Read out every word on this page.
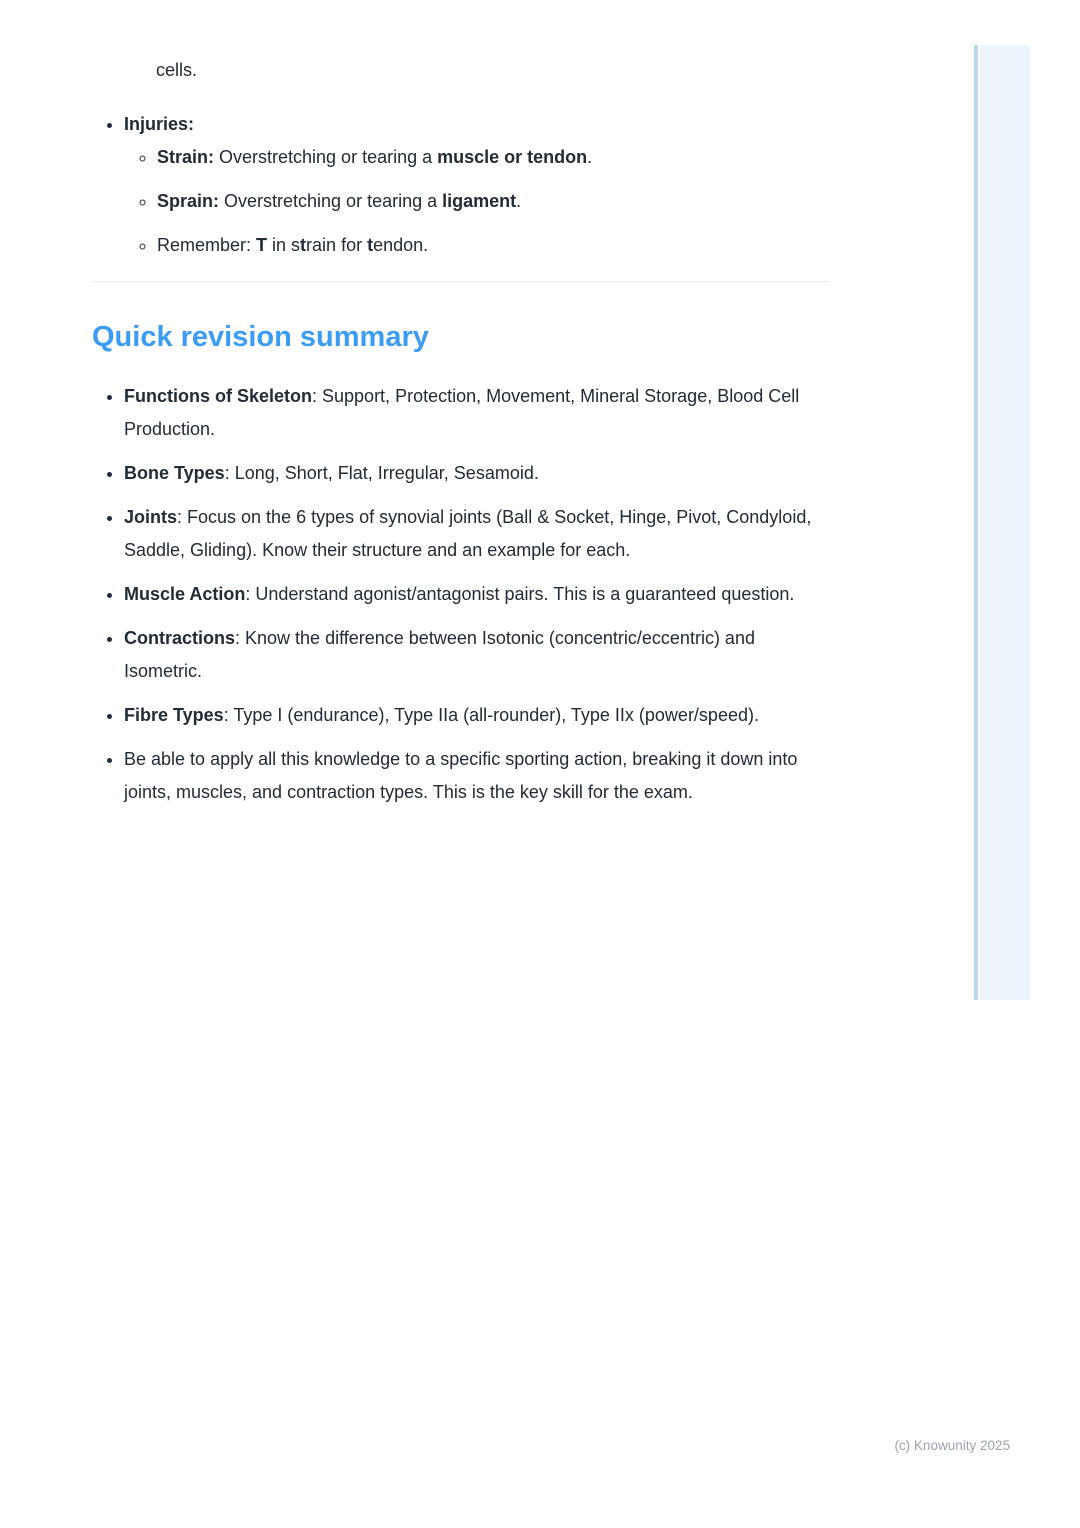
cells.

• Injuries:
◦ Strain: Overstretching or tearing a muscle or tendon.
◦ Sprain: Overstretching or tearing a ligament.
◦ Remember: T in strain for tendon.
Quick revision summary
• Functions of Skeleton: Support, Protection, Movement, Mineral Storage, Blood Cell Production.
• Bone Types: Long, Short, Flat, Irregular, Sesamoid.
• Joints: Focus on the 6 types of synovial joints (Ball & Socket, Hinge, Pivot, Condyloid, Saddle, Gliding). Know their structure and an example for each.
• Muscle Action: Understand agonist/antagonist pairs. This is a guaranteed question.
• Contractions: Know the difference between Isotonic (concentric/eccentric) and Isometric.
• Fibre Types: Type I (endurance), Type IIa (all-rounder), Type IIx (power/speed).
• Be able to apply all this knowledge to a specific sporting action, breaking it down into joints, muscles, and contraction types. This is the key skill for the exam.
(c) Knowunity 2025
